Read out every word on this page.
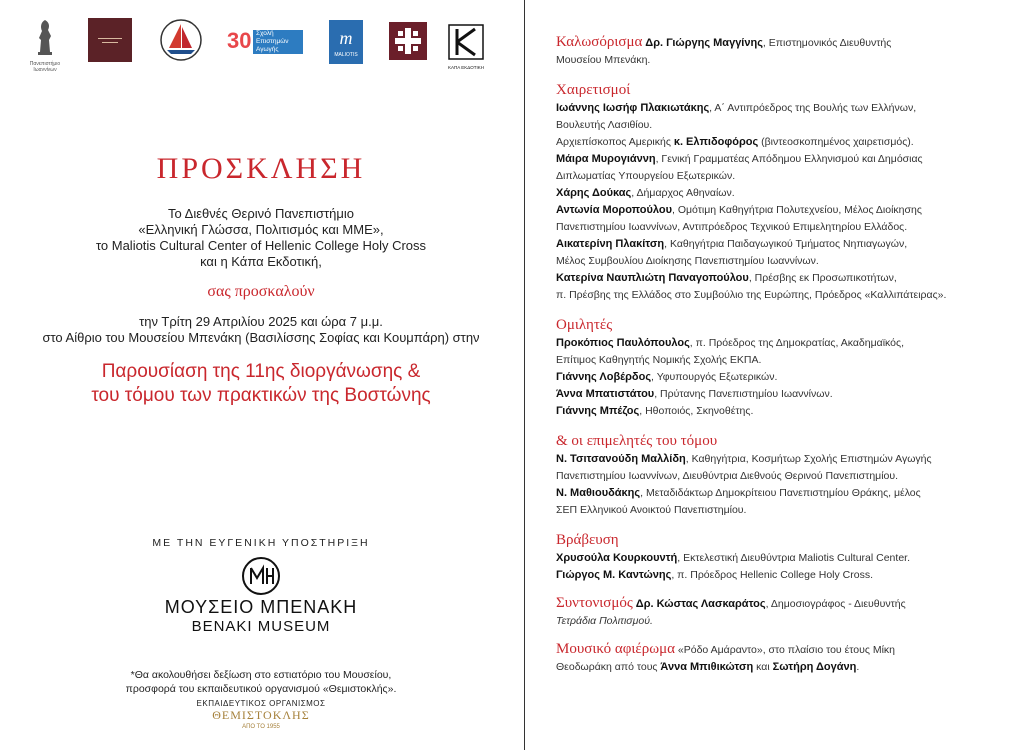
Πανεπιστήμιο Ιωαννίνων
30 Σχολή Επιστημών Αγωγής
m
MALIOTIS
ΚΑΠΑ ΕΚΔΟΤΙΚΗ
ΠΡΟΣΚΛΗΣΗ
Το Διεθνές Θερινό Πανεπιστήμιο
«Ελληνική Γλώσσα, Πολιτισμός και ΜΜΕ»,
το Maliotis Cultural Center of Hellenic College Holy Cross
και η Κάπα Εκδοτική,
σας προσκαλούν
την Τρίτη 29 Απριλίου 2025 και ώρα 7 μ.μ.
στο Αίθριο του Μουσείου Μπενάκη (Βασιλίσσης Σοφίας και Κουμπάρη) στην
Παρουσίαση της 11ης διοργάνωσης &
του τόμου των πρακτικών της Βοστώνης
ΜΕ ΤΗΝ ΕΥΓΕΝΙΚΗ ΥΠΟΣΤΗΡΙΞΗ
ΜΟΥΣΕΙΟ ΜΠΕΝΑΚΗ
BENAKI MUSEUM
*Θα ακολουθήσει δεξίωση στο εστιατόριο του Μουσείου,
προσφορά του εκπαιδευτικού οργανισμού «Θεμιστοκλής».
ΕΚΠΑΙΔΕΥΤΙΚΟΣ ΟΡΓΑΝΙΣΜΟΣ
ΘΕΜΙΣΤΟΚΛΗΣ
ΑΠΟ ΤΟ 1955
Καλωσόρισμα Δρ. Γιώργης Μαγγίνης, Επιστημονικός Διευθυντής
Μουσείου Μπενάκη.
Χαιρετισμοί
Ιωάννης Ιωσήφ Πλακιωτάκης, Α΄ Αντιπρόεδρος της Βουλής των Ελλήνων,
Βουλευτής Λασιθίου.
Αρχιεπίσκοπος Αμερικής κ. Ελπιδοφόρος (βιντεοσκοπημένος χαιρετισμός).
Μάιρα Μυρογιάννη, Γενική Γραμματέας Απόδημου Ελληνισμού και Δημόσιας
Διπλωματίας Υπουργείου Εξωτερικών.
Χάρης Δούκας, Δήμαρχος Αθηναίων.
Αντωνία Μοροπούλου, Ομότιμη Καθηγήτρια Πολυτεχνείου, Μέλος Διοίκησης
Πανεπιστημίου Ιωαννίνων, Αντιπρόεδρος Τεχνικού Επιμελητηρίου Ελλάδος.
Αικατερίνη Πλακίτση, Καθηγήτρια Παιδαγωγικού Τμήματος Νηπιαγωγών,
Μέλος Συμβουλίου Διοίκησης Πανεπιστημίου Ιωαννίνων.
Κατερίνα Ναυπλιώτη Παναγοπούλου, Πρέσβης εκ Προσωπικοτήτων,
π. Πρέσβης της Ελλάδος στο Συμβούλιο της Ευρώπης, Πρόεδρος «Καλλιπάτειρας».
Ομιλητές
Προκόπιος Παυλόπουλος, π. Πρόεδρος της Δημοκρατίας, Ακαδημαϊκός,
Επίτιμος Καθηγητής Νομικής Σχολής ΕΚΠΑ.
Γιάννης Λοβέρδος, Υφυπουργός Εξωτερικών.
Άννα Μπατιστάτου, Πρύτανης Πανεπιστημίου Ιωαννίνων.
Γιάννης Μπέζος, Ηθοποιός, Σκηνοθέτης.
& οι επιμελητές του τόμου
Ν. Τσιτσανούδη Μαλλίδη, Καθηγήτρια, Κοσμήτωρ Σχολής Επιστημών Αγωγής
Πανεπιστημίου Ιωαννίνων, Διευθύντρια Διεθνούς Θερινού Πανεπιστημίου.
Ν. Μαθιουδάκης, Μεταδιδάκτωρ Δημοκρίτειου Πανεπιστημίου Θράκης, μέλος
ΣΕΠ Ελληνικού Ανοικτού Πανεπιστημίου.
Βράβευση
Χρυσούλα Κουρκουντή, Εκτελεστική Διευθύντρια Maliotis Cultural Center.
Γιώργος Μ. Καντώνης, π. Πρόεδρος Hellenic College Holy Cross.
Συντονισμός Δρ. Κώστας Λασκαράτος, Δημοσιογράφος - Διευθυντής
Τετράδια Πολιτισμού.
Μουσικό αφιέρωμα «Ρόδο Αμάραντο», στο πλαίσιο του έτους Μίκη
Θεοδωράκη από τους Άννα Μπιθικώτση και Σωτήρη Δογάνη.
